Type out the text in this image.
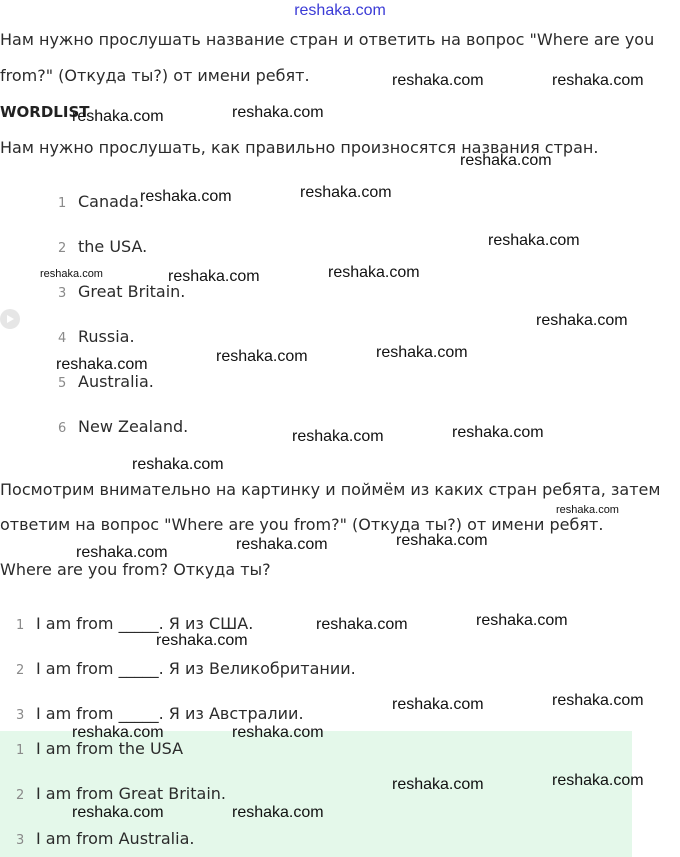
reshaka.com

Нам нужно прослушать название стран и ответить на вопрос "Where are you

from?" (Откуда ты?) от имени ребят.

WORDLIST

Нам нужно прослушать, как правильно произносятся названия стран.

1 Canada.
2 the USA.
3 Great Britain.
4 Russia.
5 Australia.
6 New Zealand.

Посмотрим внимательно на картинку и поймём из каких стран ребята, затем

ответим на вопрос "Where are you from?" (Откуда ты?) от имени ребят.

Where are you from? Откуда ты?

1 I am from _____. Я из США.
2 I am from _____. Я из Великобритании.
3 I am from _____. Я из Австралии.
1 I am from the USA
2 I am from Great Britain.
3 I am from Australia.
reshaka.com	reshaka.com
reshaka.com	reshaka.com
reshaka.com
reshaka.com	reshaka.com
reshaka.com
reshaka.com	reshaka.com	reshaka.com
reshaka.com
reshaka.com	reshaka.com	reshaka.com
reshaka.com	reshaka.com
reshaka.com
reshaka.com
reshaka.com	reshaka.com	reshaka.com
reshaka.com	reshaka.com
reshaka.com
reshaka.com	reshaka.com
reshaka.com	reshaka.com
reshaka.com	reshaka.com
reshaka.com	reshaka.com
